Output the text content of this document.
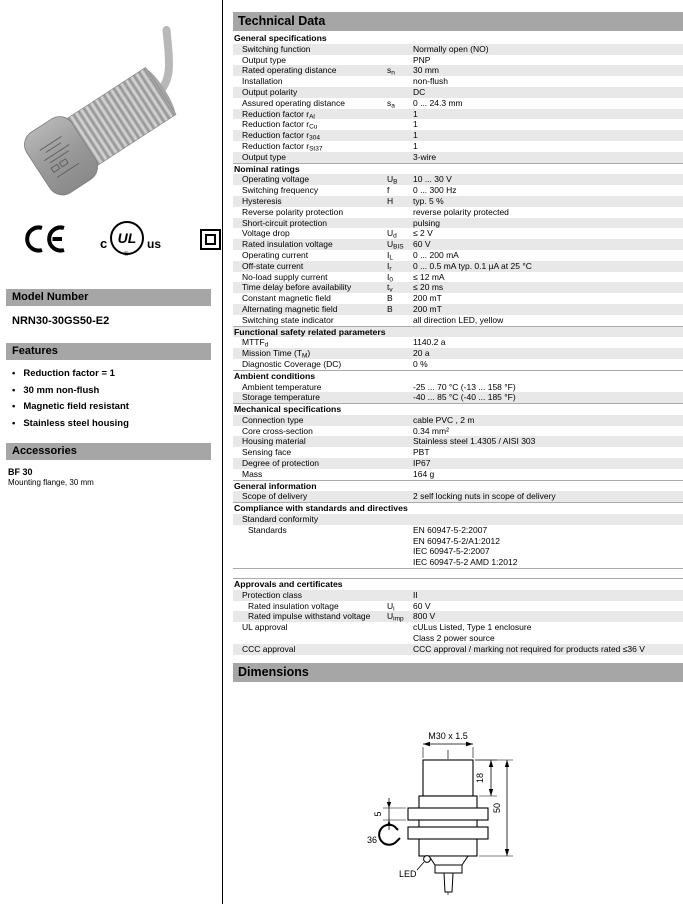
c UL
®
us
Model Number
NRN30-30GS50-E2
Features
• Reduction factor = 1
• 30 mm non-flush
• Magnetic field resistant
• Stainless steel housing
Accessories
BF 30
Mounting flange, 30 mm
Technical Data
General specifications
Switching function	Normally open (NO)
Output type	PNP
Rated operating distance	$s_n$	30 mm
Installation	non-flush
Output polarity	DC
Assured operating distance	$s_a$	0 ... 24.3 mm
Reduction factor $r_{Al}$	1
Reduction factor $r_{Cu}$	1
Reduction factor $r_{304}$	1
Reduction factor $r_{St37}$	1
Output type	3-wire
Nominal ratings
Operating voltage	$U_B$	10 ... 30 V
Switching frequency	f	0 ... 300 Hz
Hysteresis	H	typ. 5 %
Reverse polarity protection	reverse polarity protected
Short-circuit protection	pulsing
Voltage drop	$U_d$	≤ 2 V
Rated insulation voltage	$U_{BIS}$	60 V
Operating current	$I_L$	0 ... 200 mA
Off-state current	$I_r$	0 ... 0.5 mA typ. 0.1 µA at 25 °C
No-load supply current	$I_0$	≤ 12 mA
Time delay before availability	$t_v$	≤ 20 ms
Constant magnetic field	B	200 mT
Alternating magnetic field	B	200 mT
Switching state indicator	all direction LED, yellow
Functional safety related parameters
$MTTF_d$	1140.2 a
Mission Time $(T_M)$	20 a
Diagnostic Coverage (DC)	0 %
Ambient conditions
Ambient temperature	-25 ... 70 °C (-13 ... 158 °F)
Storage temperature	-40 ... 85 °C (-40 ... 185 °F)
Mechanical specifications
Connection type	cable PVC , 2 m
Core cross-section	0.34 mm²
Housing material	Stainless steel 1.4305 / AISI 303
Sensing face	PBT
Degree of protection	IP67
Mass	164 g
General information
Scope of delivery	2 self locking nuts in scope of delivery
Compliance with standards and directives
Standard conformity
Standards	EN 60947-5-2:2007
EN 60947-5-2/A1:2012
IEC 60947-5-2:2007
IEC 60947-5-2 AMD 1:2012
Approvals and certificates
Protection class	II
Rated insulation voltage	$U_i$	60 V
Rated impulse withstand voltage	$U_{imp}$	800 V
UL approval	cULus Listed, Type 1 enclosure
Class 2 power source
CCC approval	CCC approval / marking not required for products rated ≤36 V
Dimensions
M30 x 1.5
18
50
5
36
LED
